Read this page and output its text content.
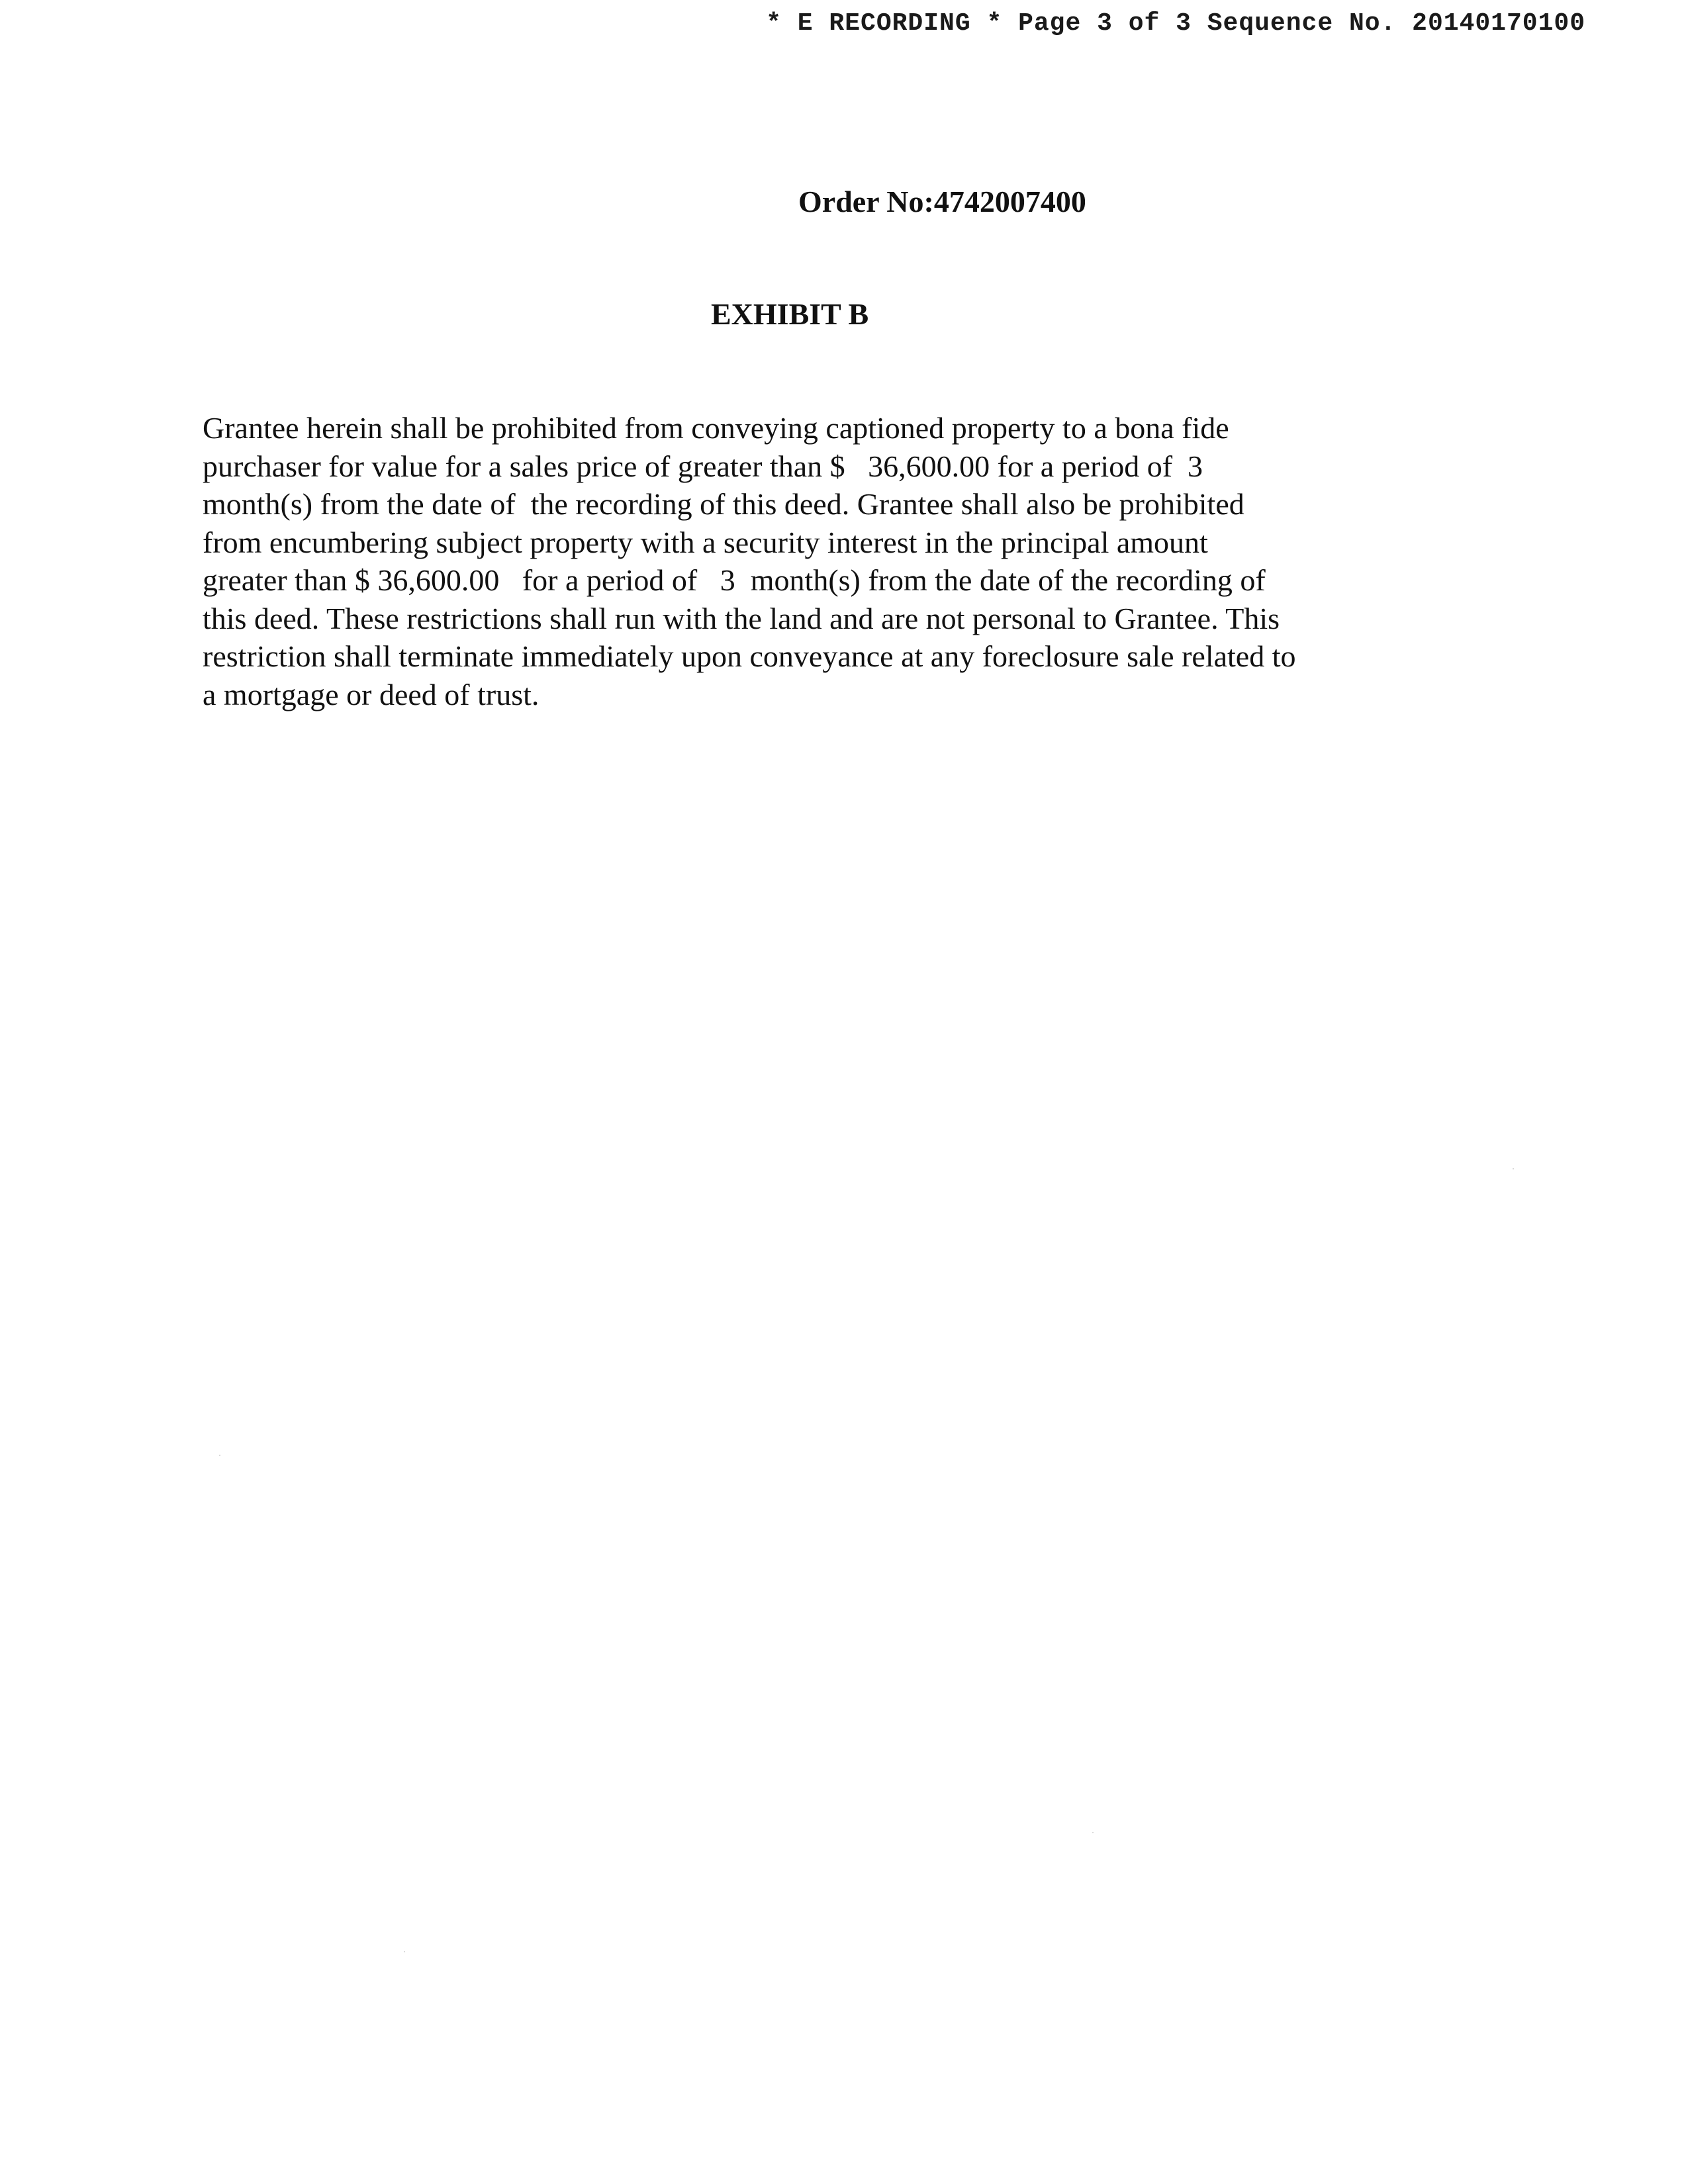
* E RECORDING * Page 3 of 3 Sequence No. 20140170100
Order No:4742007400
EXHIBIT B

Grantee herein shall be prohibited from conveying captioned property to a bona fide
purchaser for value for a sales price of greater than $   36,600.00 for a period of  3
month(s) from the date of  the recording of this deed. Grantee shall also be prohibited
from encumbering subject property with a security interest in the principal amount
greater than $ 36,600.00   for a period of   3  month(s) from the date of the recording of
this deed. These restrictions shall run with the land and are not personal to Grantee. This
restriction shall terminate immediately upon conveyance at any foreclosure sale related to
a mortgage or deed of trust.
